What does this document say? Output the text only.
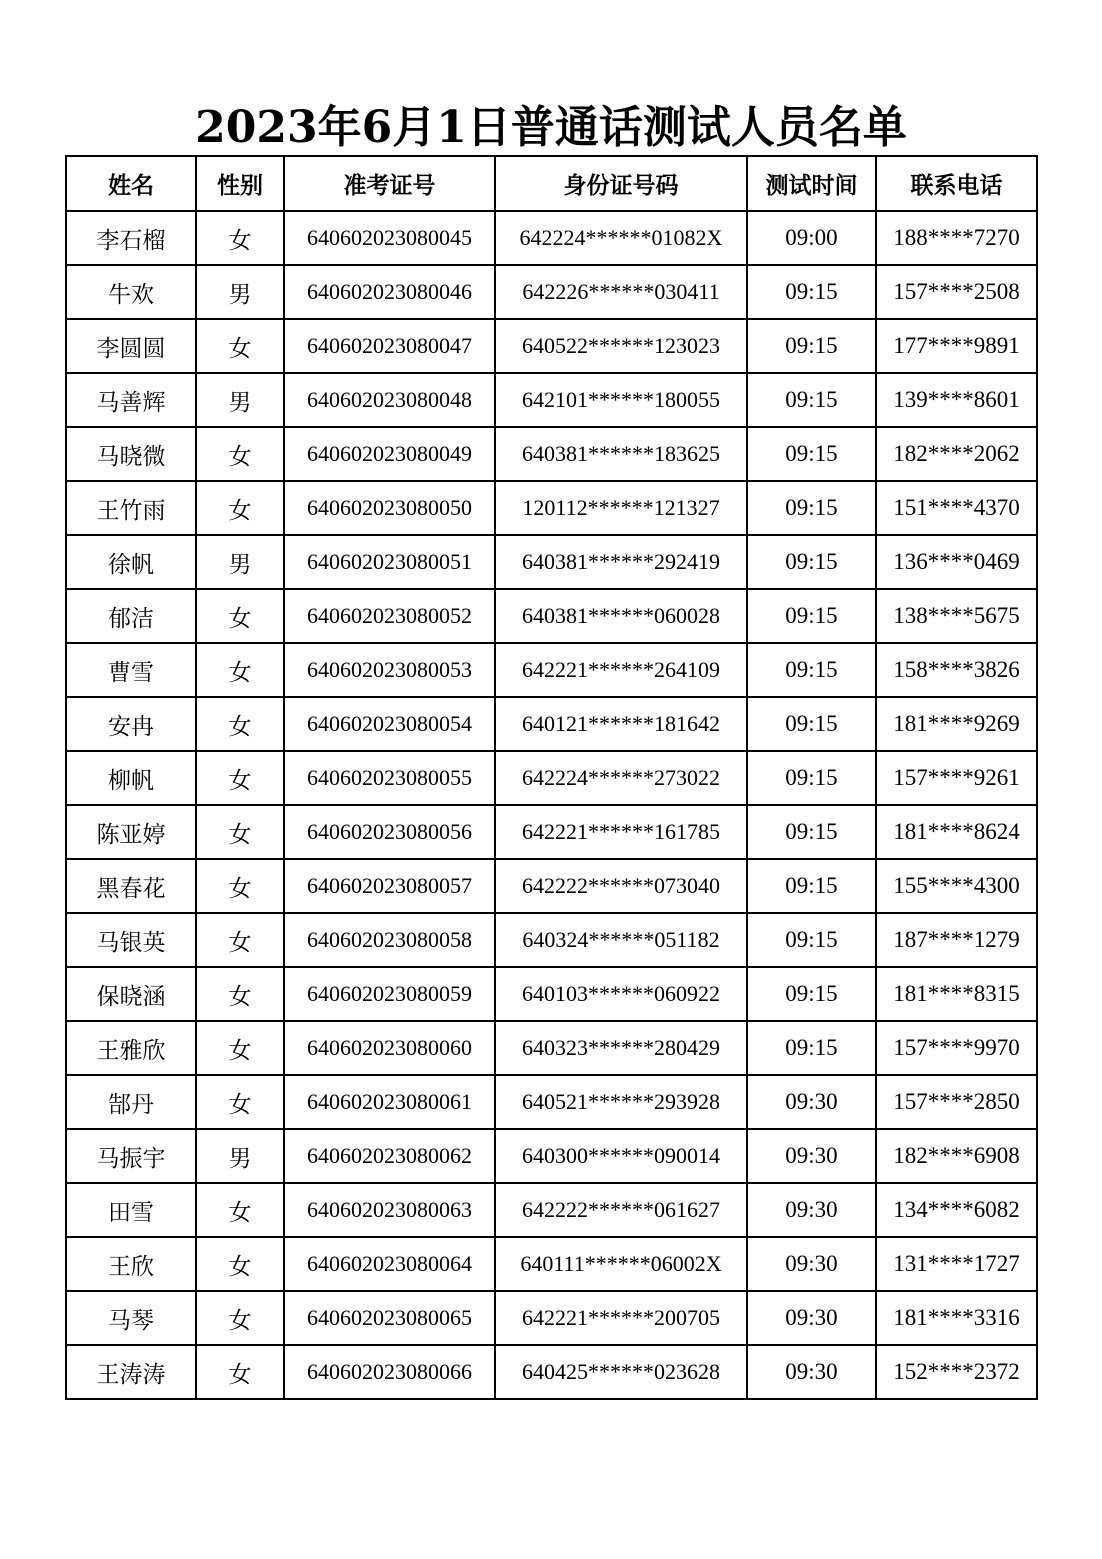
2023年6月1日普通话测试人员名单
姓名	性别	准考证号	身份证号码	测试时间	联系电话
李石榴	女	640602023080045	642224******01082X	09:00	188****7270
牛欢	男	640602023080046	642226******030411	09:15	157****2508
李圆圆	女	640602023080047	640522******123023	09:15	177****9891
马善辉	男	640602023080048	642101******180055	09:15	139****8601
马晓微	女	640602023080049	640381******183625	09:15	182****2062
王竹雨	女	640602023080050	120112******121327	09:15	151****4370
徐帆	男	640602023080051	640381******292419	09:15	136****0469
郁洁	女	640602023080052	640381******060028	09:15	138****5675
曹雪	女	640602023080053	642221******264109	09:15	158****3826
安冉	女	640602023080054	640121******181642	09:15	181****9269
柳帆	女	640602023080055	642224******273022	09:15	157****9261
陈亚婷	女	640602023080056	642221******161785	09:15	181****8624
黑春花	女	640602023080057	642222******073040	09:15	155****4300
马银英	女	640602023080058	640324******051182	09:15	187****1279
保晓涵	女	640602023080059	640103******060922	09:15	181****8315
王雅欣	女	640602023080060	640323******280429	09:15	157****9970
郜丹	女	640602023080061	640521******293928	09:30	157****2850
马振宇	男	640602023080062	640300******090014	09:30	182****6908
田雪	女	640602023080063	642222******061627	09:30	134****6082
王欣	女	640602023080064	640111******06002X	09:30	131****1727
马琴	女	640602023080065	642221******200705	09:30	181****3316
王涛涛	女	640602023080066	640425******023628	09:30	152****2372
